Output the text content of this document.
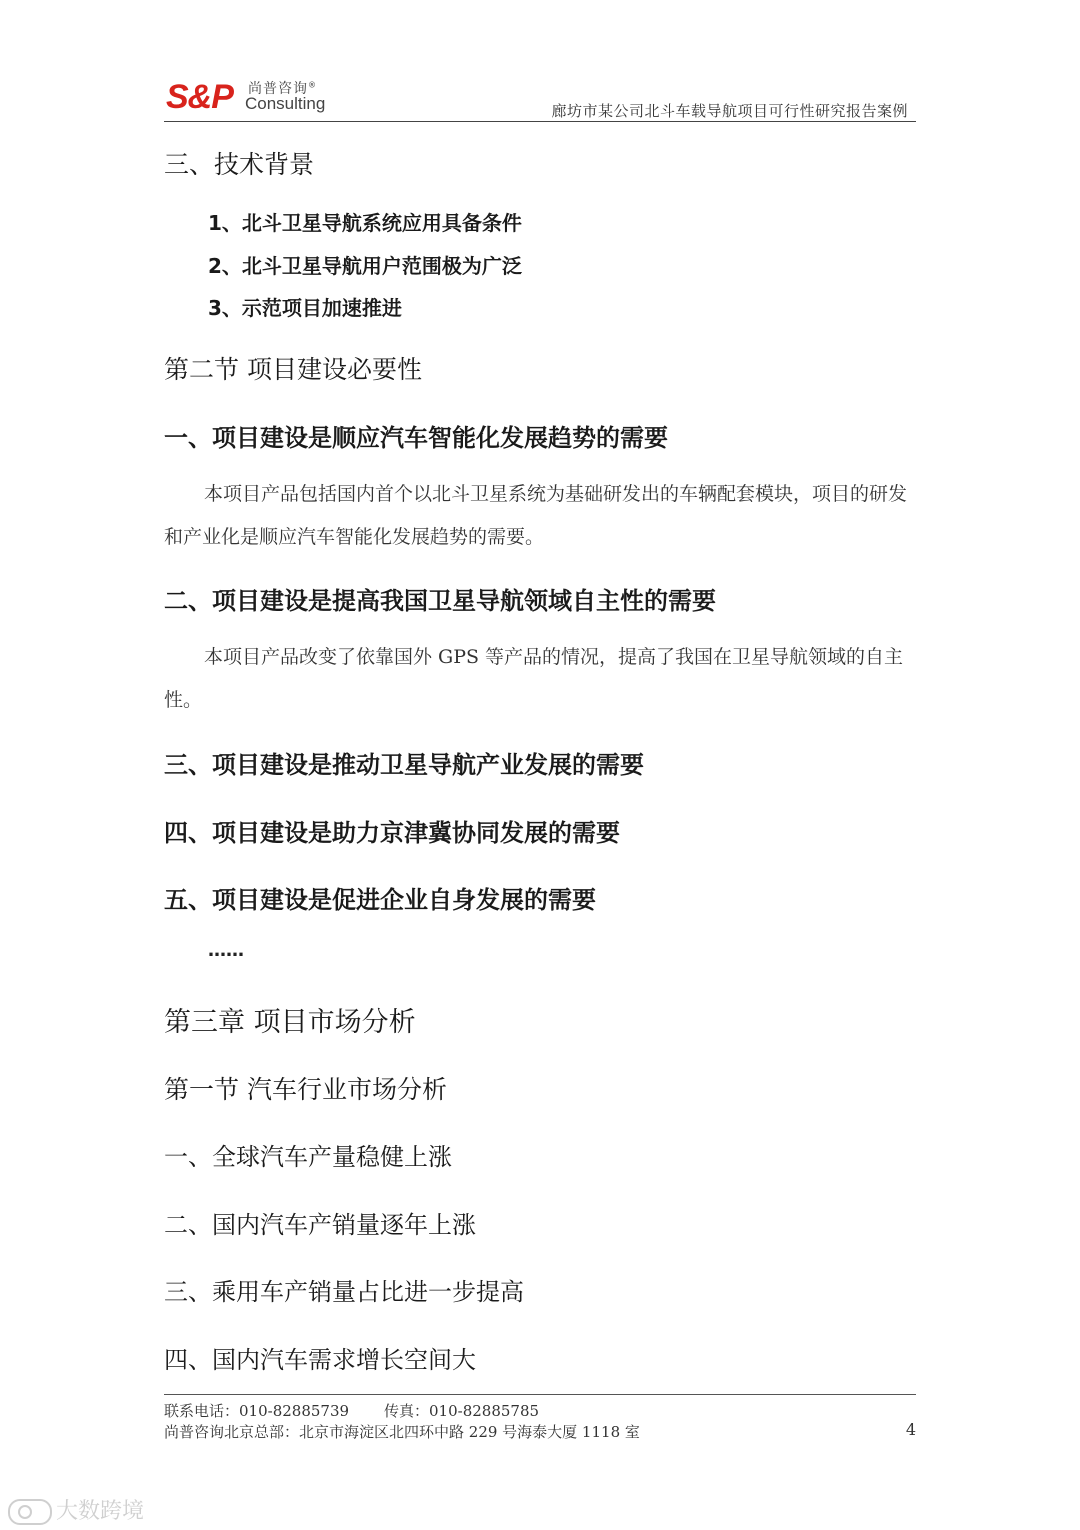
S&P 尚普咨询®
Consulting	廊坊市某公司北斗车载导航项目可行性研究报告案例
三、技术背景
1、北斗卫星导航系统应用具备条件
2、北斗卫星导航用户范围极为广泛
3、示范项目加速推进
第二节 项目建设必要性
一、项目建设是顺应汽车智能化发展趋势的需要
本项目产品包括国内首个以北斗卫星系统为基础研发出的车辆配套模块，项目的研发和产业化是顺应汽车智能化发展趋势的需要。
二、项目建设是提高我国卫星导航领域自主性的需要
本项目产品改变了依靠国外 GPS 等产品的情况，提高了我国在卫星导航领域的自主性。
三、项目建设是推动卫星导航产业发展的需要
四、项目建设是助力京津冀协同发展的需要
五、项目建设是促进企业自身发展的需要
……
第三章 项目市场分析
第一节 汽车行业市场分析
一、全球汽车产量稳健上涨
二、国内汽车产销量逐年上涨
三、乘用车产销量占比进一步提高
四、国内汽车需求增长空间大
联系电话：010-82885739 传真：010-82885785
尚普咨询北京总部：北京市海淀区北四环中路 229 号海泰大厦 1118 室	4
大数跨境
